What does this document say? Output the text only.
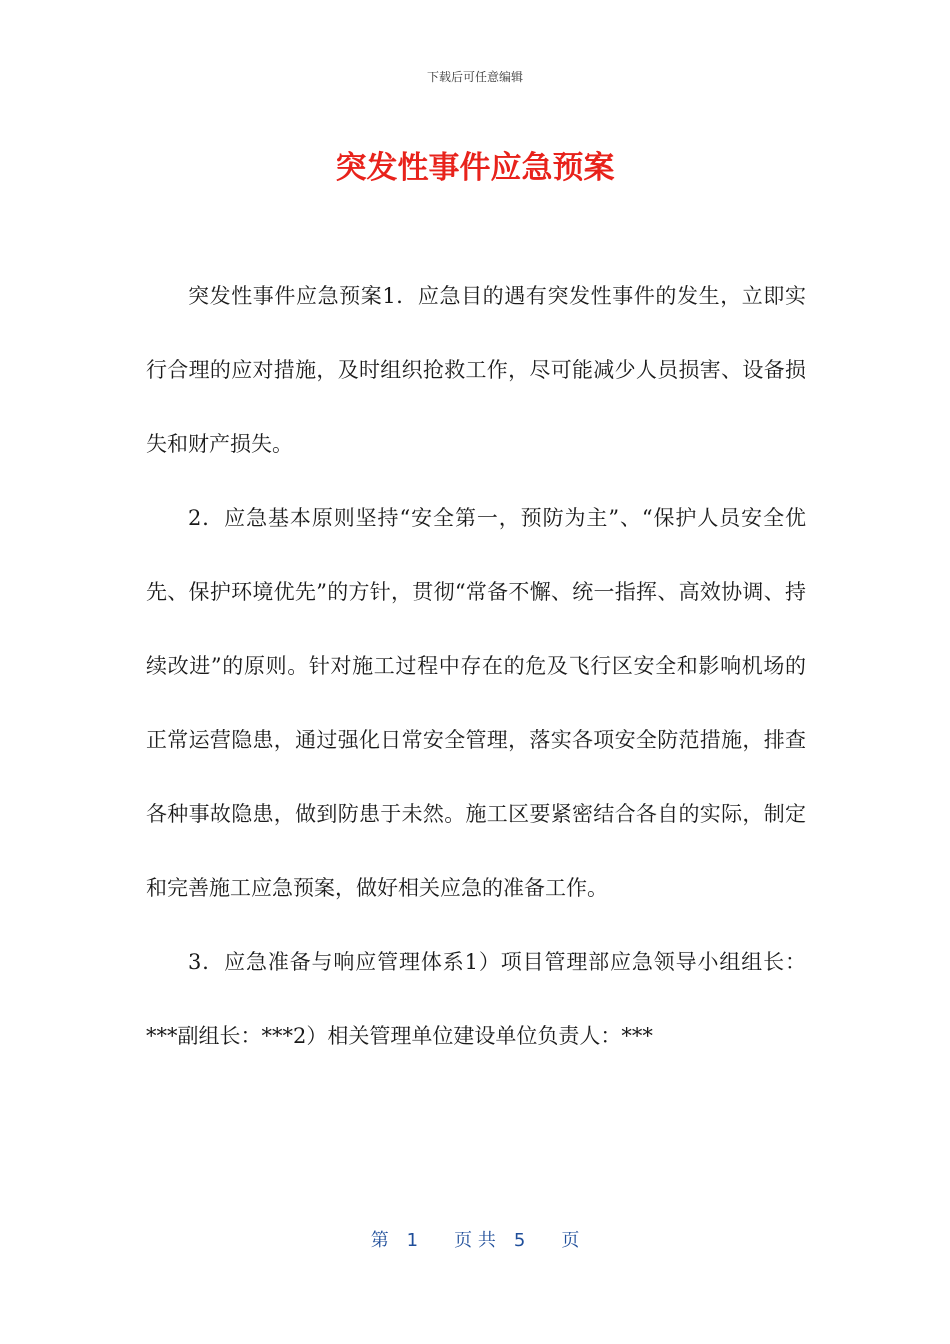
下载后可任意编辑
突发性事件应急预案

突发性事件应急预案1．应急目的遇有突发性事件的发生，立即实行合理的应对措施，及时组织抢救工作，尽可能减少人员损害、设备损失和财产损失。

2．应急基本原则坚持“安全第一，预防为主”、“保护人员安全优先、保护环境优先”的方针，贯彻“常备不懈、统一指挥、高效协调、持续改进”的原则。针对施工过程中存在的危及飞行区安全和影响机场的正常运营隐患，通过强化日常安全管理，落实各项安全防范措施，排查各种事故隐患，做到防患于未然。施工区要紧密结合各自的实际，制定和完善施工应急预案，做好相关应急的准备工作。

3．应急准备与响应管理体系1）项目管理部应急领导小组组长：***副组长：***2）相关管理单位建设单位负责人：***

第　1　　页 共　5　　页
